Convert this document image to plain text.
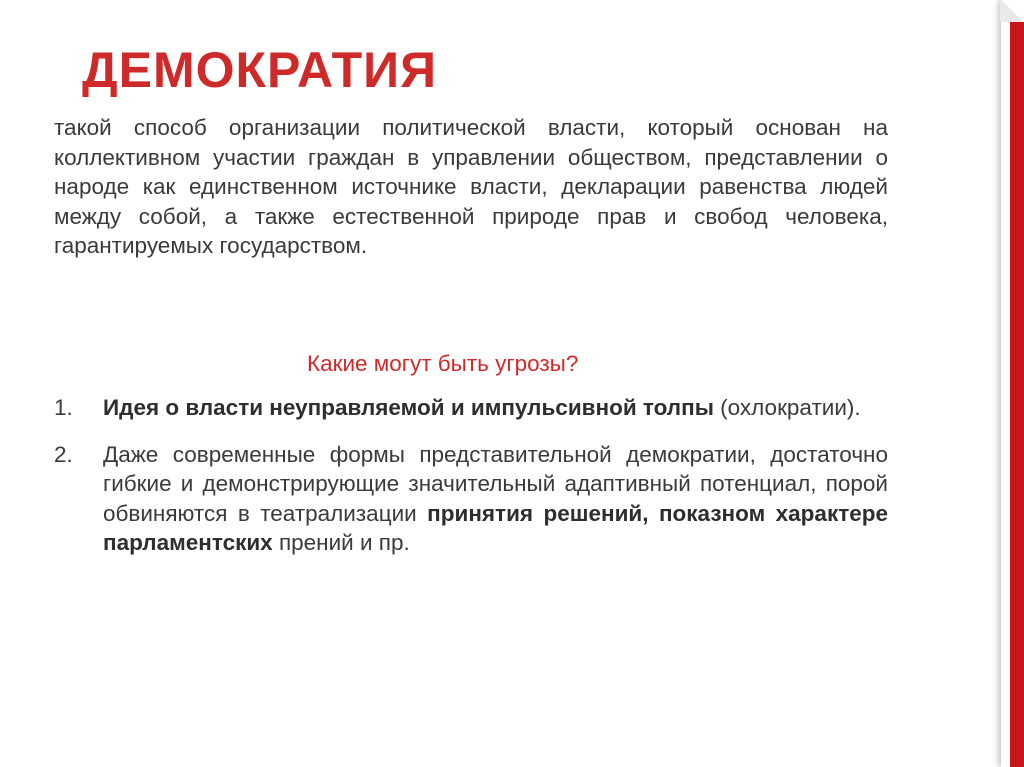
ДЕМОКРАТИЯ

такой способ организации политической власти, который основан на коллективном участии граждан в управлении обществом, представлении о народе как единственном источнике власти, декларации равенства людей между собой, а также естественной природе прав и свобод человека, гарантируемых государством.

Какие могут быть угрозы?

1. Идея о власти неуправляемой и импульсивной толпы (охлократии).

2. Даже современные формы представительной демократии, достаточно гибкие и демонстрирующие значительный адаптивный потенциал, порой обвиняются в театрализации принятия решений, показном характере парламентских прений и пр.
